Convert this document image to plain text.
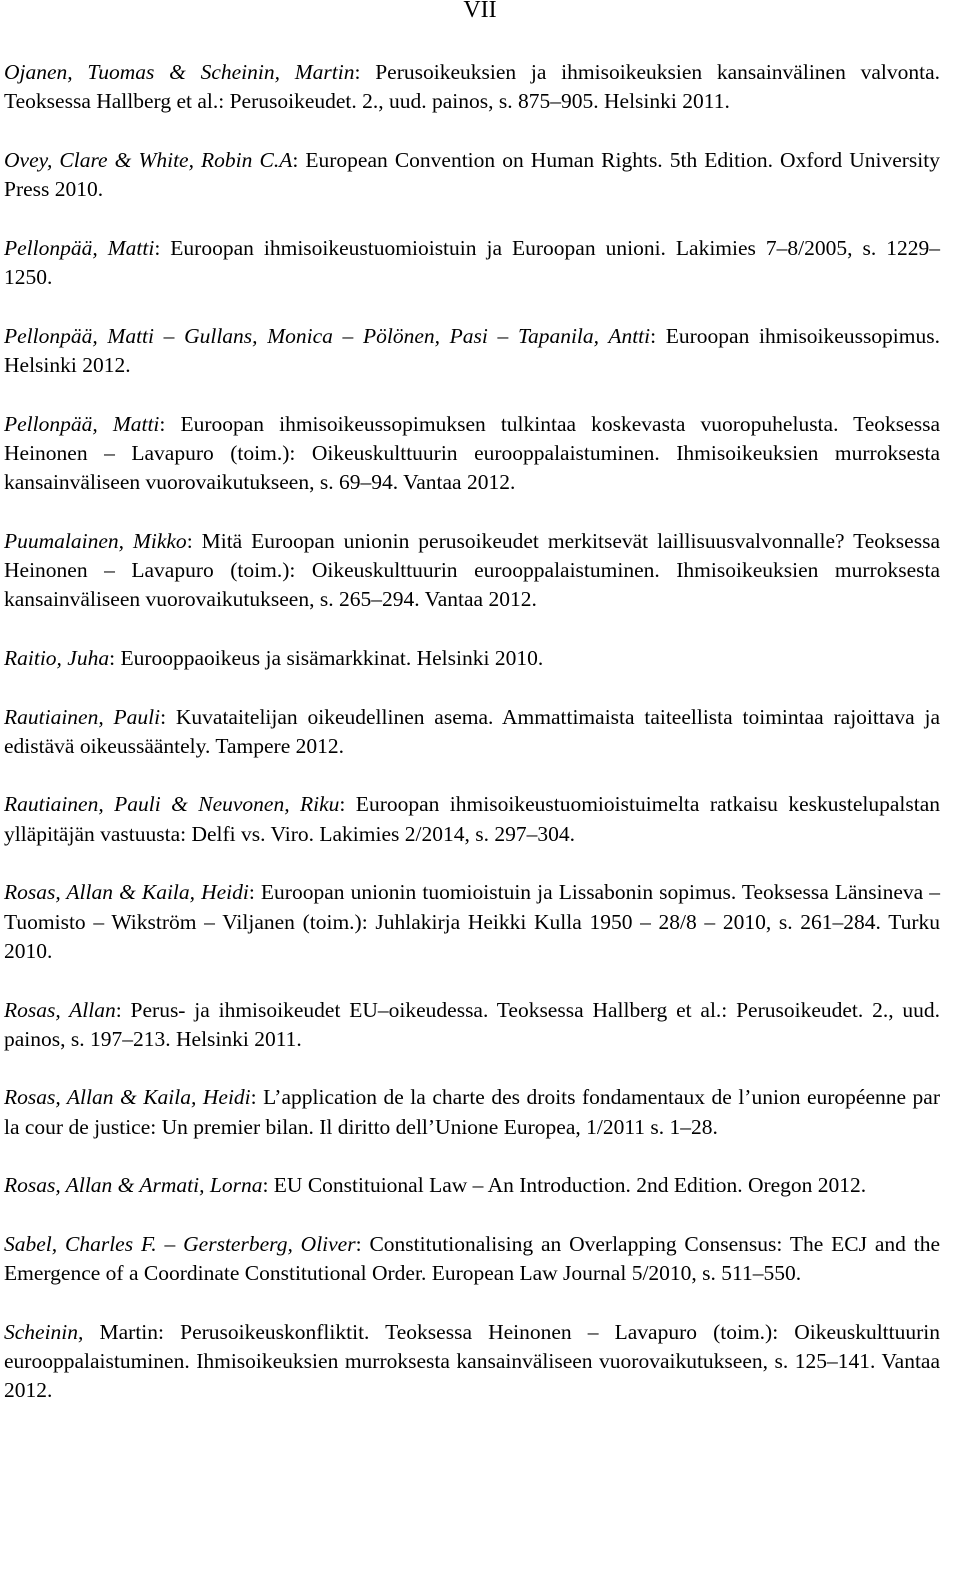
VII

Ojanen, Tuomas & Scheinin, Martin: Perusoikeuksien ja ihmisoikeuksien kansainvälinen valvonta. Teoksessa Hallberg et al.: Perusoikeudet. 2., uud. painos, s. 875–905. Helsinki 2011.

Ovey, Clare & White, Robin C.A: European Convention on Human Rights. 5th Edition. Oxford University Press 2010.

Pellonpää, Matti: Euroopan ihmisoikeustuomioistuin ja Euroopan unioni. Lakimies 7–8/2005, s. 1229–1250.

Pellonpää, Matti – Gullans, Monica – Pölönen, Pasi – Tapanila, Antti: Euroopan ihmisoikeussopimus. Helsinki 2012.

Pellonpää, Matti: Euroopan ihmisoikeussopimuksen tulkintaa koskevasta vuoropuhelusta. Teoksessa Heinonen – Lavapuro (toim.): Oikeuskulttuurin eurooppalaistuminen. Ihmisoikeuksien murroksesta kansainväliseen vuorovaikutukseen, s. 69–94. Vantaa 2012.

Puumalainen, Mikko: Mitä Euroopan unionin perusoikeudet merkitsevät laillisuusvalvonnalle? Teoksessa Heinonen – Lavapuro (toim.): Oikeuskulttuurin eurooppalaistuminen. Ihmisoikeuksien murroksesta kansainväliseen vuorovaikutukseen, s. 265–294. Vantaa 2012.

Raitio, Juha: Eurooppaoikeus ja sisämarkkinat. Helsinki 2010.

Rautiainen, Pauli: Kuvataitelijan oikeudellinen asema. Ammattimaista taiteellista toimintaa rajoittava ja edistävä oikeussääntely. Tampere 2012.

Rautiainen, Pauli & Neuvonen, Riku: Euroopan ihmisoikeustuomioistuimelta ratkaisu keskustelupalstan ylläpitäjän vastuusta: Delfi vs. Viro. Lakimies 2/2014, s. 297–304.

Rosas, Allan & Kaila, Heidi: Euroopan unionin tuomioistuin ja Lissabonin sopimus. Teoksessa Länsineva – Tuomisto – Wikström – Viljanen (toim.): Juhlakirja Heikki Kulla 1950 – 28/8 – 2010, s. 261–284. Turku 2010.

Rosas, Allan: Perus- ja ihmisoikeudet EU–oikeudessa. Teoksessa Hallberg et al.: Perusoikeudet. 2., uud. painos, s. 197–213. Helsinki 2011.

Rosas, Allan & Kaila, Heidi: L’application de la charte des droits fondamentaux de l’union européenne par la cour de justice: Un premier bilan. Il diritto dell’Unione Europea, 1/2011 s. 1–28.

Rosas, Allan & Armati, Lorna: EU Constituional Law – An Introduction. 2nd Edition. Oregon 2012.

Sabel, Charles F. – Gersterberg, Oliver: Constitutionalising an Overlapping Consensus: The ECJ and the Emergence of a Coordinate Constitutional Order. European Law Journal 5/2010, s. 511–550.

Scheinin, Martin: Perusoikeuskonfliktit. Teoksessa Heinonen – Lavapuro (toim.): Oikeuskulttuurin eurooppalaistuminen. Ihmisoikeuksien murroksesta kansainväliseen vuorovaikutukseen, s. 125–141. Vantaa 2012.
